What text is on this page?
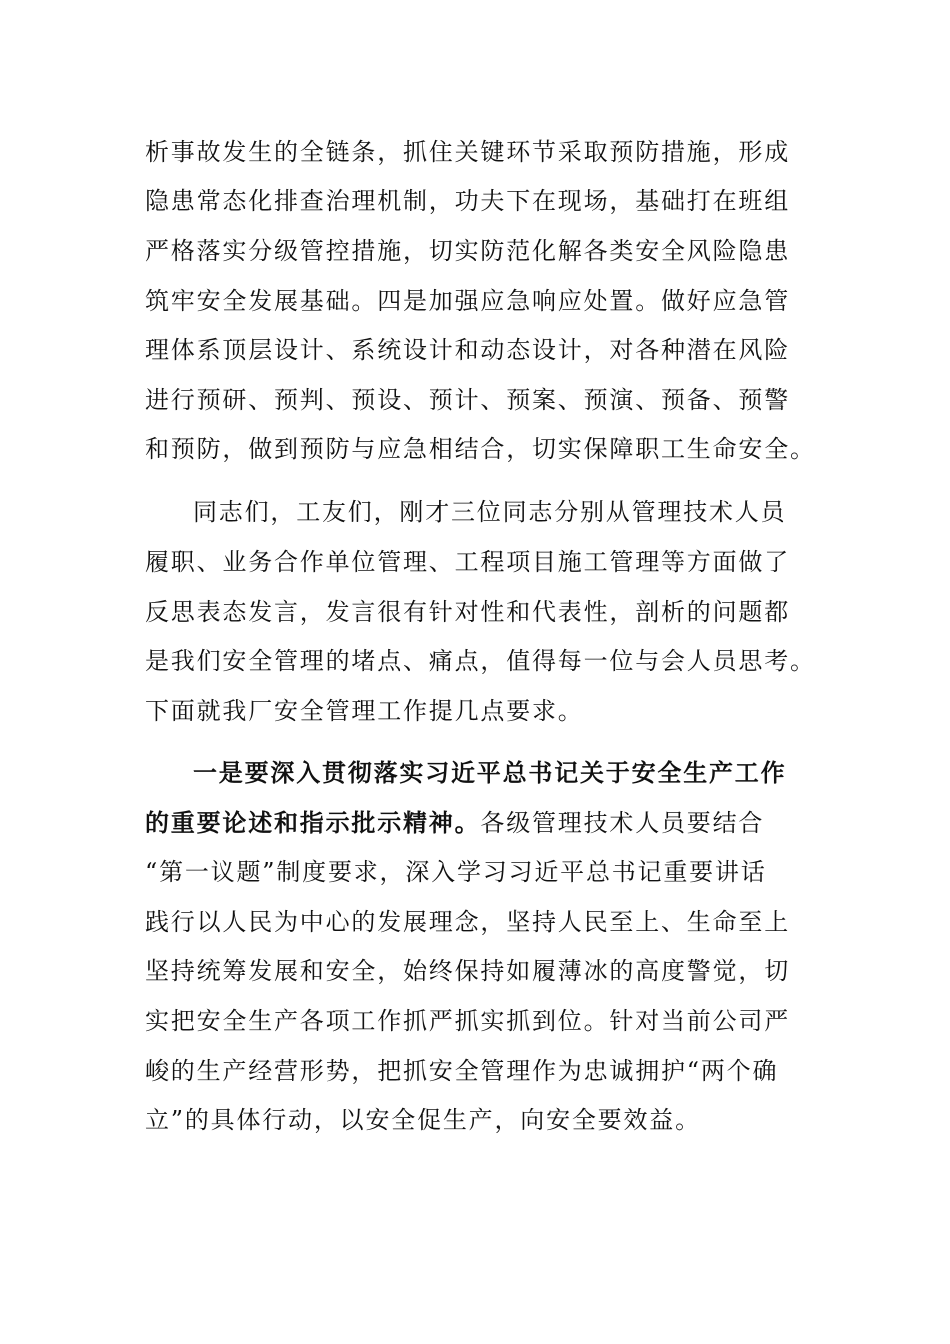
析事故发生的全链条，抓住关键环节采取预防措施，形成
隐患常态化排查治理机制，功夫下在现场，基础打在班组
严格落实分级管控措施，切实防范化解各类安全风险隐患
筑牢安全发展基础。四是加强应急响应处置。做好应急管
理体系顶层设计、系统设计和动态设计，对各种潜在风险
进行预研、预判、预设、预计、预案、预演、预备、预警
和预防，做到预防与应急相结合，切实保障职工生命安全。
同志们，工友们，刚才三位同志分别从管理技术人员
履职、业务合作单位管理、工程项目施工管理等方面做了
反思表态发言，发言很有针对性和代表性，剖析的问题都
是我们安全管理的堵点、痛点，值得每一位与会人员思考。
下面就我厂安全管理工作提几点要求。
一是要深入贯彻落实习近平总书记关于安全生产工作
的重要论述和指示批示精神。各级管理技术人员要结合
“第一议题”制度要求，深入学习习近平总书记重要讲话
践行以人民为中心的发展理念，坚持人民至上、生命至上
坚持统筹发展和安全，始终保持如履薄冰的高度警觉，切
实把安全生产各项工作抓严抓实抓到位。针对当前公司严
峻的生产经营形势，把抓安全管理作为忠诚拥护“两个确
立”的具体行动，以安全促生产，向安全要效益。
